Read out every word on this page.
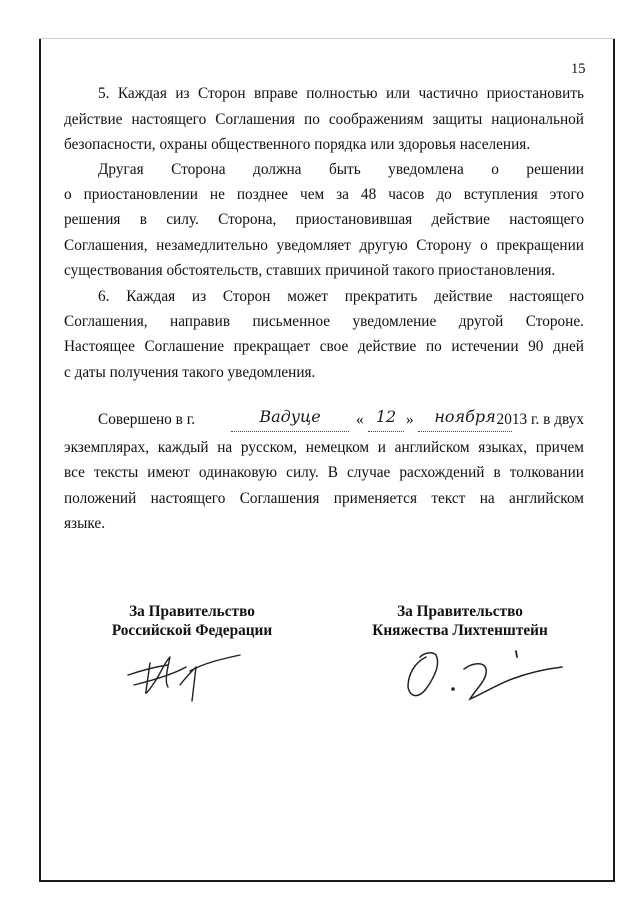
15
5. Каждая из Сторон вправе полностью или частично приостановить
действие настоящего Соглашения по соображениям защиты национальной
безопасности, охраны общественного порядка или здоровья населения.
Другая Сторона должна быть уведомлена о решении
о приостановлении не позднее чем за 48 часов до вступления этого
решения в силу. Сторона, приостановившая действие настоящего
Соглашения, незамедлительно уведомляет другую Сторону о прекращении
существования обстоятельств, ставших причиной такого приостановления.
6. Каждая из Сторон может прекратить действие настоящего
Соглашения, направив письменное уведомление другой Стороне.
Настоящее Соглашение прекращает свое действие по истечении 90 дней
с даты получения такого уведомления.
Совершено в г.	Вадуце	« 12 »	ноября 2013 г. в двух
экземплярах, каждый на русском, немецком и английском языках, причем
все тексты имеют одинаковую силу. В случае расхождений в толковании
положений настоящего Соглашения применяется текст на английском
языке.
За Правительство
Российской Федерации
За Правительство
Княжества Лихтенштейн
